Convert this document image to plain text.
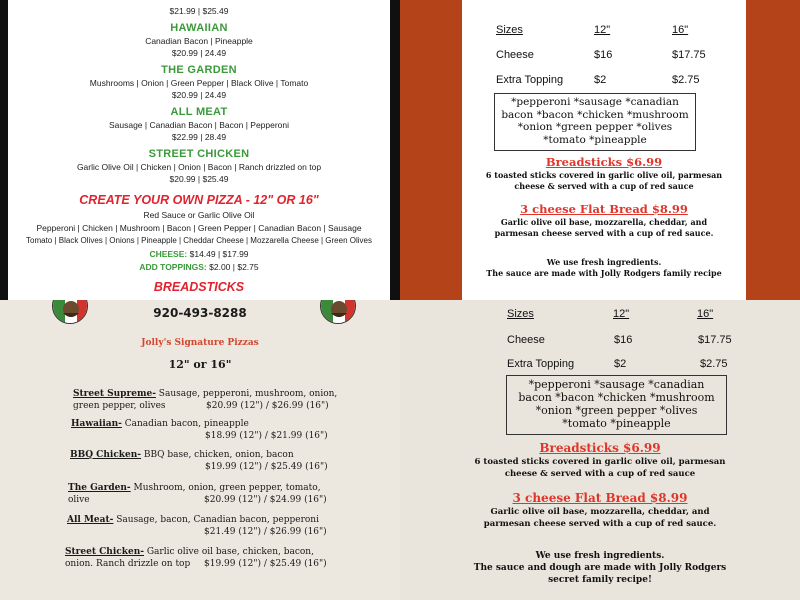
$21.99 | $25.49
HAWAIIAN
Canadian Bacon | Pineapple
$20.99 | 24.49
THE GARDEN
Mushrooms | Onion | Green Pepper | Black Olive | Tomato
$20.99 | 24.49
ALL MEAT
Sausage | Canadian Bacon | Bacon | Pepperoni
$22.99 | 28.49
STREET CHICKEN
Garlic Olive Oil | Chicken | Onion | Bacon | Ranch drizzled on top
$20.99 | $25.49
CREATE YOUR OWN PIZZA - 12" OR 16"
Red Sauce or Garlic Olive Oil
Pepperoni | Chicken | Mushroom | Bacon | Green Pepper | Canadian Bacon | Sausage
Tomato | Black Olives | Onions | Pineapple | Cheddar Cheese | Mozzarella Cheese | Green Olives
CHEESE: $14.49 | $17.99
ADD TOPPINGS: $2.00 | $2.75
BREADSTICKS
Sizes	12"	16"
Cheese	$16	$17.75
Extra Topping	$2	$2.75
*pepperoni *sausage *canadian
bacon *bacon *chicken *mushroom
*onion *green pepper *olives
*tomato *pineapple
Breadsticks $6.99
6 toasted sticks covered in garlic olive oil, parmesan
cheese & served with a cup of red sauce
3 cheese Flat Bread $8.99
Garlic olive oil base, mozzarella, cheddar, and
parmesan cheese served with a cup of red sauce.
We use fresh ingredients.
The sauce are made with Jolly Rodgers family recipe
920-493-8288
Jolly's Signature Pizzas
12" or 16"
Street Supreme- Sausage, pepperoni, mushroom, onion,
green pepper, olives	$20.99 (12") / $26.99 (16")
Hawaiian- Canadian bacon, pineapple
$18.99 (12") / $21.99 (16")
BBQ Chicken- BBQ base, chicken, onion, bacon
$19.99 (12") / $25.49 (16")
The Garden- Mushroom, onion, green pepper, tomato,
olive	$20.99 (12") / $24.99 (16")
All Meat- Sausage, bacon, Canadian bacon, pepperoni
$21.49 (12") / $26.99 (16")
Street Chicken- Garlic olive oil base, chicken, bacon,
onion. Ranch drizzle on top $19.99 (12") / $25.49 (16")
Sizes	12"	16"
Cheese	$16	$17.75
Extra Topping	$2	$2.75
*pepperoni *sausage *canadian
bacon *bacon *chicken *mushroom
*onion *green pepper *olives
*tomato *pineapple
Breadsticks $6.99
6 toasted sticks covered in garlic olive oil, parmesan
cheese & served with a cup of red sauce
3 cheese Flat Bread $8.99
Garlic olive oil base, mozzarella, cheddar, and
parmesan cheese served with a cup of red sauce.
We use fresh ingredients.
The sauce and dough are made with Jolly Rodgers
secret family recipe!
